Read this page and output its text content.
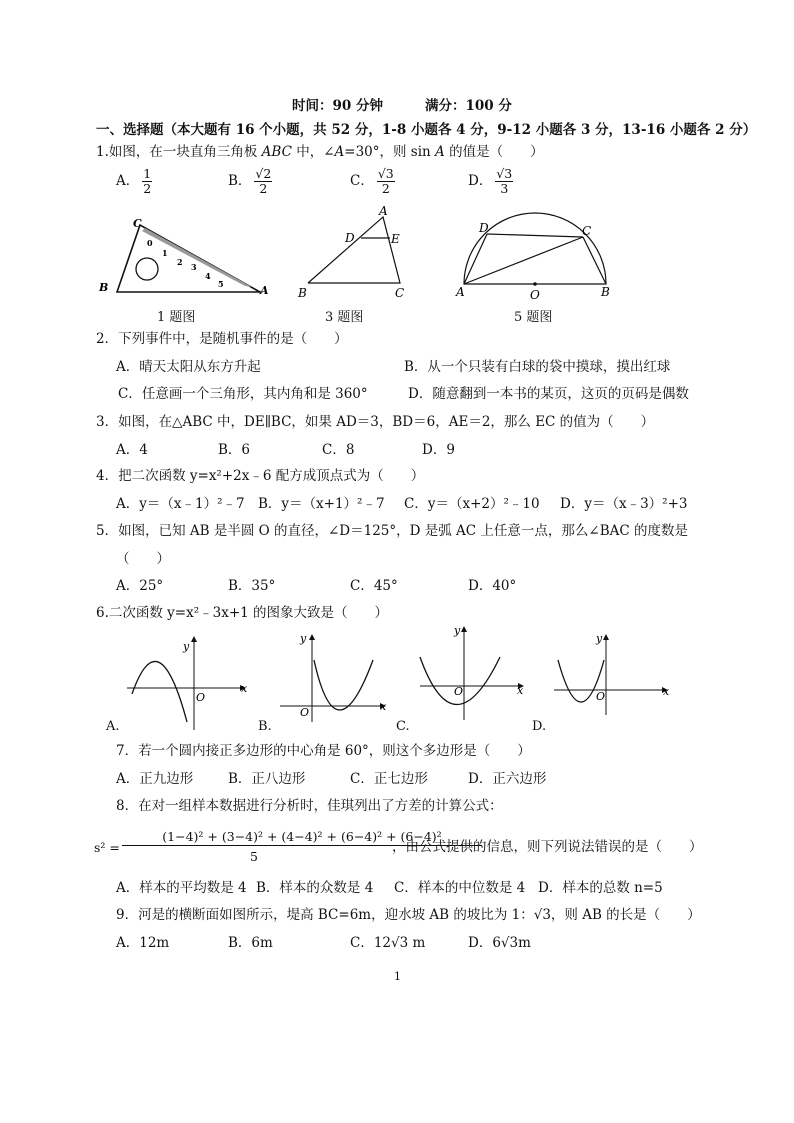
时间：90 分钟	满分：100 分
一、选择题（本大题有 16 个小题，共 52 分，1-8 小题各 4 分，9-12 小题各 3 分，13-16 小题各 2 分）
1.如图，在一块直角三角板 ABC 中，∠A=30°，则 sin A 的值是（　　）
A． $\frac{1}{2}$	B． $\frac{√2}{2}$	C． $\frac{√3}{2}$	D． $\frac{√3}{3}$
C
B	A
0
1
2 3
4
5
1 题图
A
D	E
B	C
3 题图
D	C
A	O	B
5 题图
2．下列事件中，是随机事件的是（　　）
A．晴天太阳从东方升起	B．从一个只装有白球的袋中摸球，摸出红球
C．任意画一个三角形，其内角和是 360°	D．随意翻到一本书的某页，这页的页码是偶数
3．如图，在△ABC 中，DE∥BC，如果 AD＝3，BD＝6，AE＝2，那么 EC 的值为（　　）
A．4	B．6	C．8	D．9
4．把二次函数 y=x²+2x﹣6 配方成顶点式为（　　）
A．y＝（x﹣1）²﹣7 B．y＝（x+1）²﹣7 C．y＝（x+2）²﹣10 D．y＝（x﹣3）²+3
5．如图，已知 AB 是半圆 O 的直径，∠D＝125°，D 是弧 AC 上任意一点，那么∠BAC 的度数是
（　　）
A．25°	B．35°	C．45°	D．40°
6.二次函数 y=x²﹣3x+1 的图象大致是（　　）
x
y
O
A.
x
y
O
B.
x
y
O
C.
x
y
O
D.
7．若一个圆内接正多边形的中心角是 60°，则这个多边形是（　　）
A．正九边形	B．正八边形	C．正七边形	D．正六边形
8．在对一组样本数据进行分析时，佳琪列出了方差的计算公式：
s² =
(1−4)² + (3−4)² + (4−4)² + (6−4)² + (6−4)²
5
，由公式提供的信息，则下列说法错误的是（　　）
A．样本的平均数是 4 B．样本的众数是 4 C．样本的中位数是 4 D．样本的总数 n=5
9．河是的横断面如图所示，堤高 BC=6m，迎水坡 AB 的坡比为 1：√3，则 AB 的长是（　　）
A．12m	B．6m	C．12√3 m	D．6√3m
1
